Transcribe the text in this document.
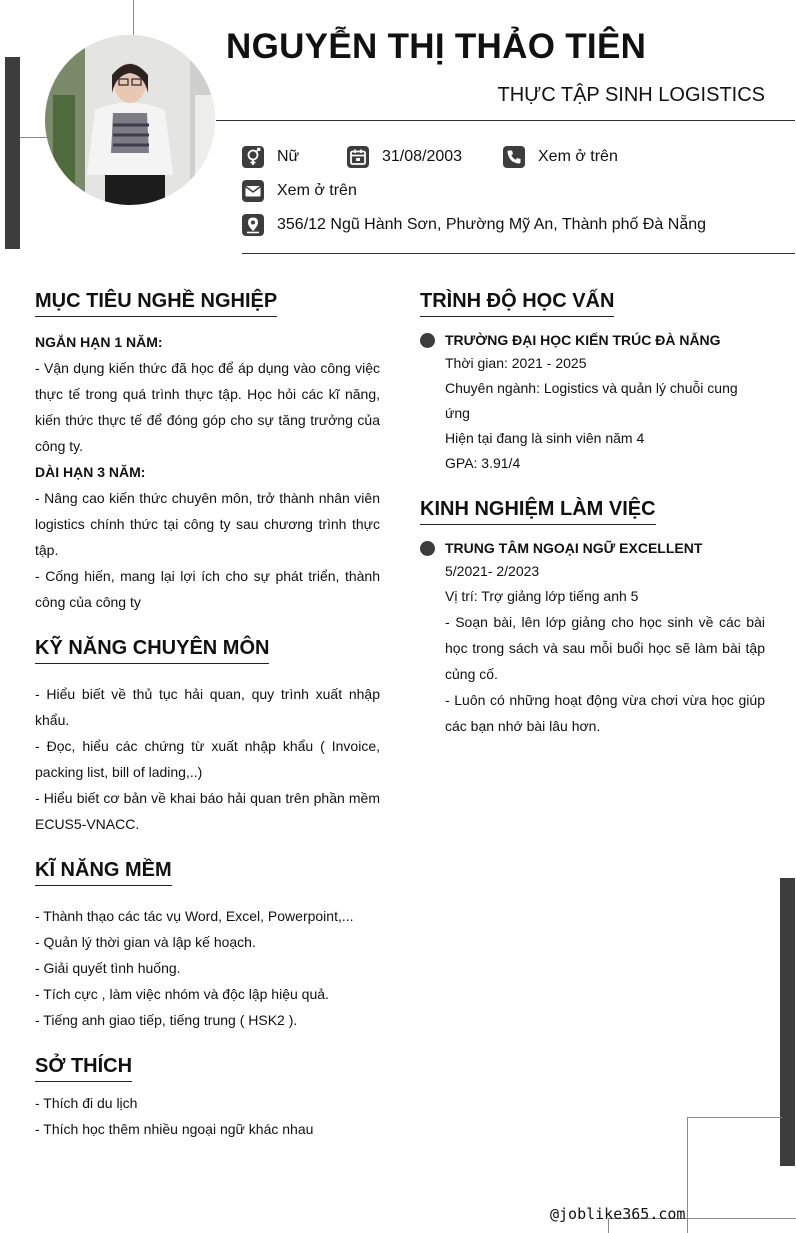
NGUYỄN THỊ THẢO TIÊN
THỰC TẬP SINH LOGISTICS
Nữ	31/08/2003	Xem ở trên
Xem ở trên
356/12 Ngũ Hành Sơn, Phường Mỹ An, Thành phố Đà Nẵng
MỤC TIÊU NGHỀ NGHIỆP
NGẮN HẠN 1 NĂM:
- Vận dụng kiến thức đã học để áp dụng vào công việc thực tế trong quá trình thực tập. Học hỏi các kĩ năng, kiến thức thực tế để đóng góp cho sự tăng trưởng của công ty.
DÀI HẠN 3 NĂM:
- Nâng cao kiến thức chuyên môn, trở thành nhân viên logistics chính thức tại công ty sau chương trình thực tập.
- Cống hiến, mang lại lợi ích cho sự phát triển, thành công của công ty
KỸ NĂNG CHUYÊN MÔN
- Hiểu biết về thủ tục hải quan, quy trình xuất nhập khẩu.
- Đọc, hiểu các chứng từ xuất nhập khẩu ( Invoice, packing list, bill of lading,..)
- Hiểu biết cơ bản về khai báo hải quan trên phần mềm ECUS5-VNACC.
KĨ NĂNG MỀM
- Thành thạo các tác vụ Word, Excel, Powerpoint,...
- Quản lý thời gian và lập kế hoạch.
- Giải quyết tình huống.
- Tích cực , làm việc nhóm và độc lập hiệu quả.
- Tiếng anh giao tiếp, tiếng trung ( HSK2 ).
SỞ THÍCH
- Thích đi du lịch
- Thích học thêm nhiều ngoại ngữ khác nhau
TRÌNH ĐỘ HỌC VẤN
TRƯỜNG ĐẠI HỌC KIẾN TRÚC ĐÀ NẴNG
Thời gian: 2021 - 2025
Chuyên ngành: Logistics và quản lý chuỗi cung ứng
Hiện tại đang là sinh viên năm 4
GPA: 3.91/4
KINH NGHIỆM LÀM VIỆC
TRUNG TÂM NGOẠI NGỮ EXCELLENT
5/2021- 2/2023
Vị trí: Trợ giảng lớp tiếng anh 5
- Soạn bài, lên lớp giảng cho học sinh về các bài học trong sách và sau mỗi buổi học sẽ làm bài tập củng cố.
- Luôn có những hoạt động vừa chơi vừa học giúp các bạn nhớ bài lâu hơn.
@joblike365.com
